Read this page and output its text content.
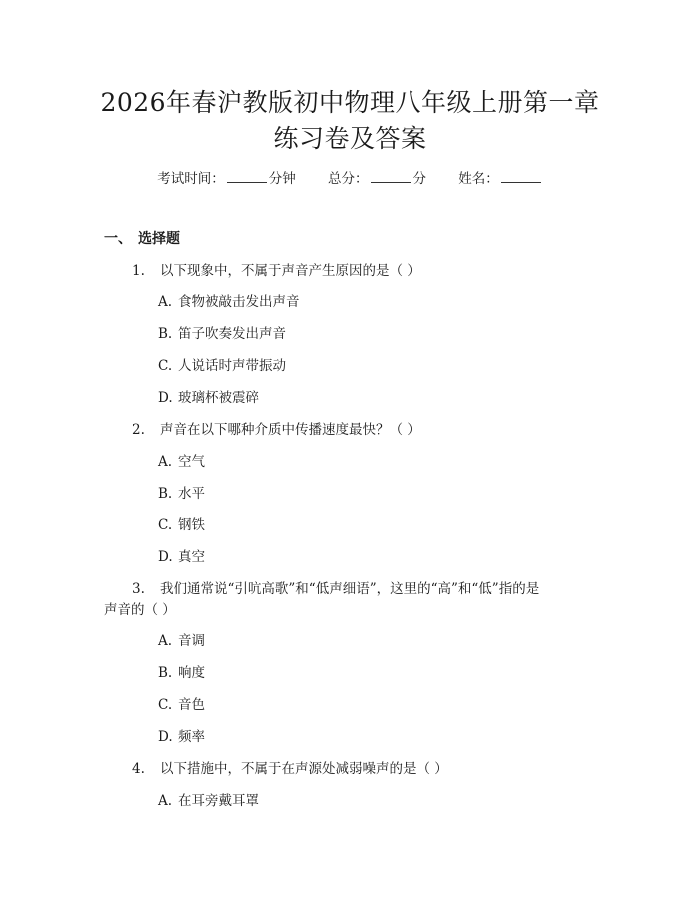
2026年春沪教版初中物理八年级上册第一章
练习卷及答案
考试时间：	分钟 总分：	分 姓名：
一、 选择题
1. 以下现象中，不属于声音产生原因的是（ ）
A. 食物被敲击发出声音
B. 笛子吹奏发出声音
C. 人说话时声带振动
D. 玻璃杯被震碎
2. 声音在以下哪种介质中传播速度最快？（ ）
A. 空气
B. 水平
C. 钢铁
D. 真空
3. 我们通常说“引吭高歌”和“低声细语”，这里的“高”和“低”指的是
声音的（ ）
A. 音调
B. 响度
C. 音色
D. 频率
4. 以下措施中，不属于在声源处减弱噪声的是（ ）
A. 在耳旁戴耳罩
